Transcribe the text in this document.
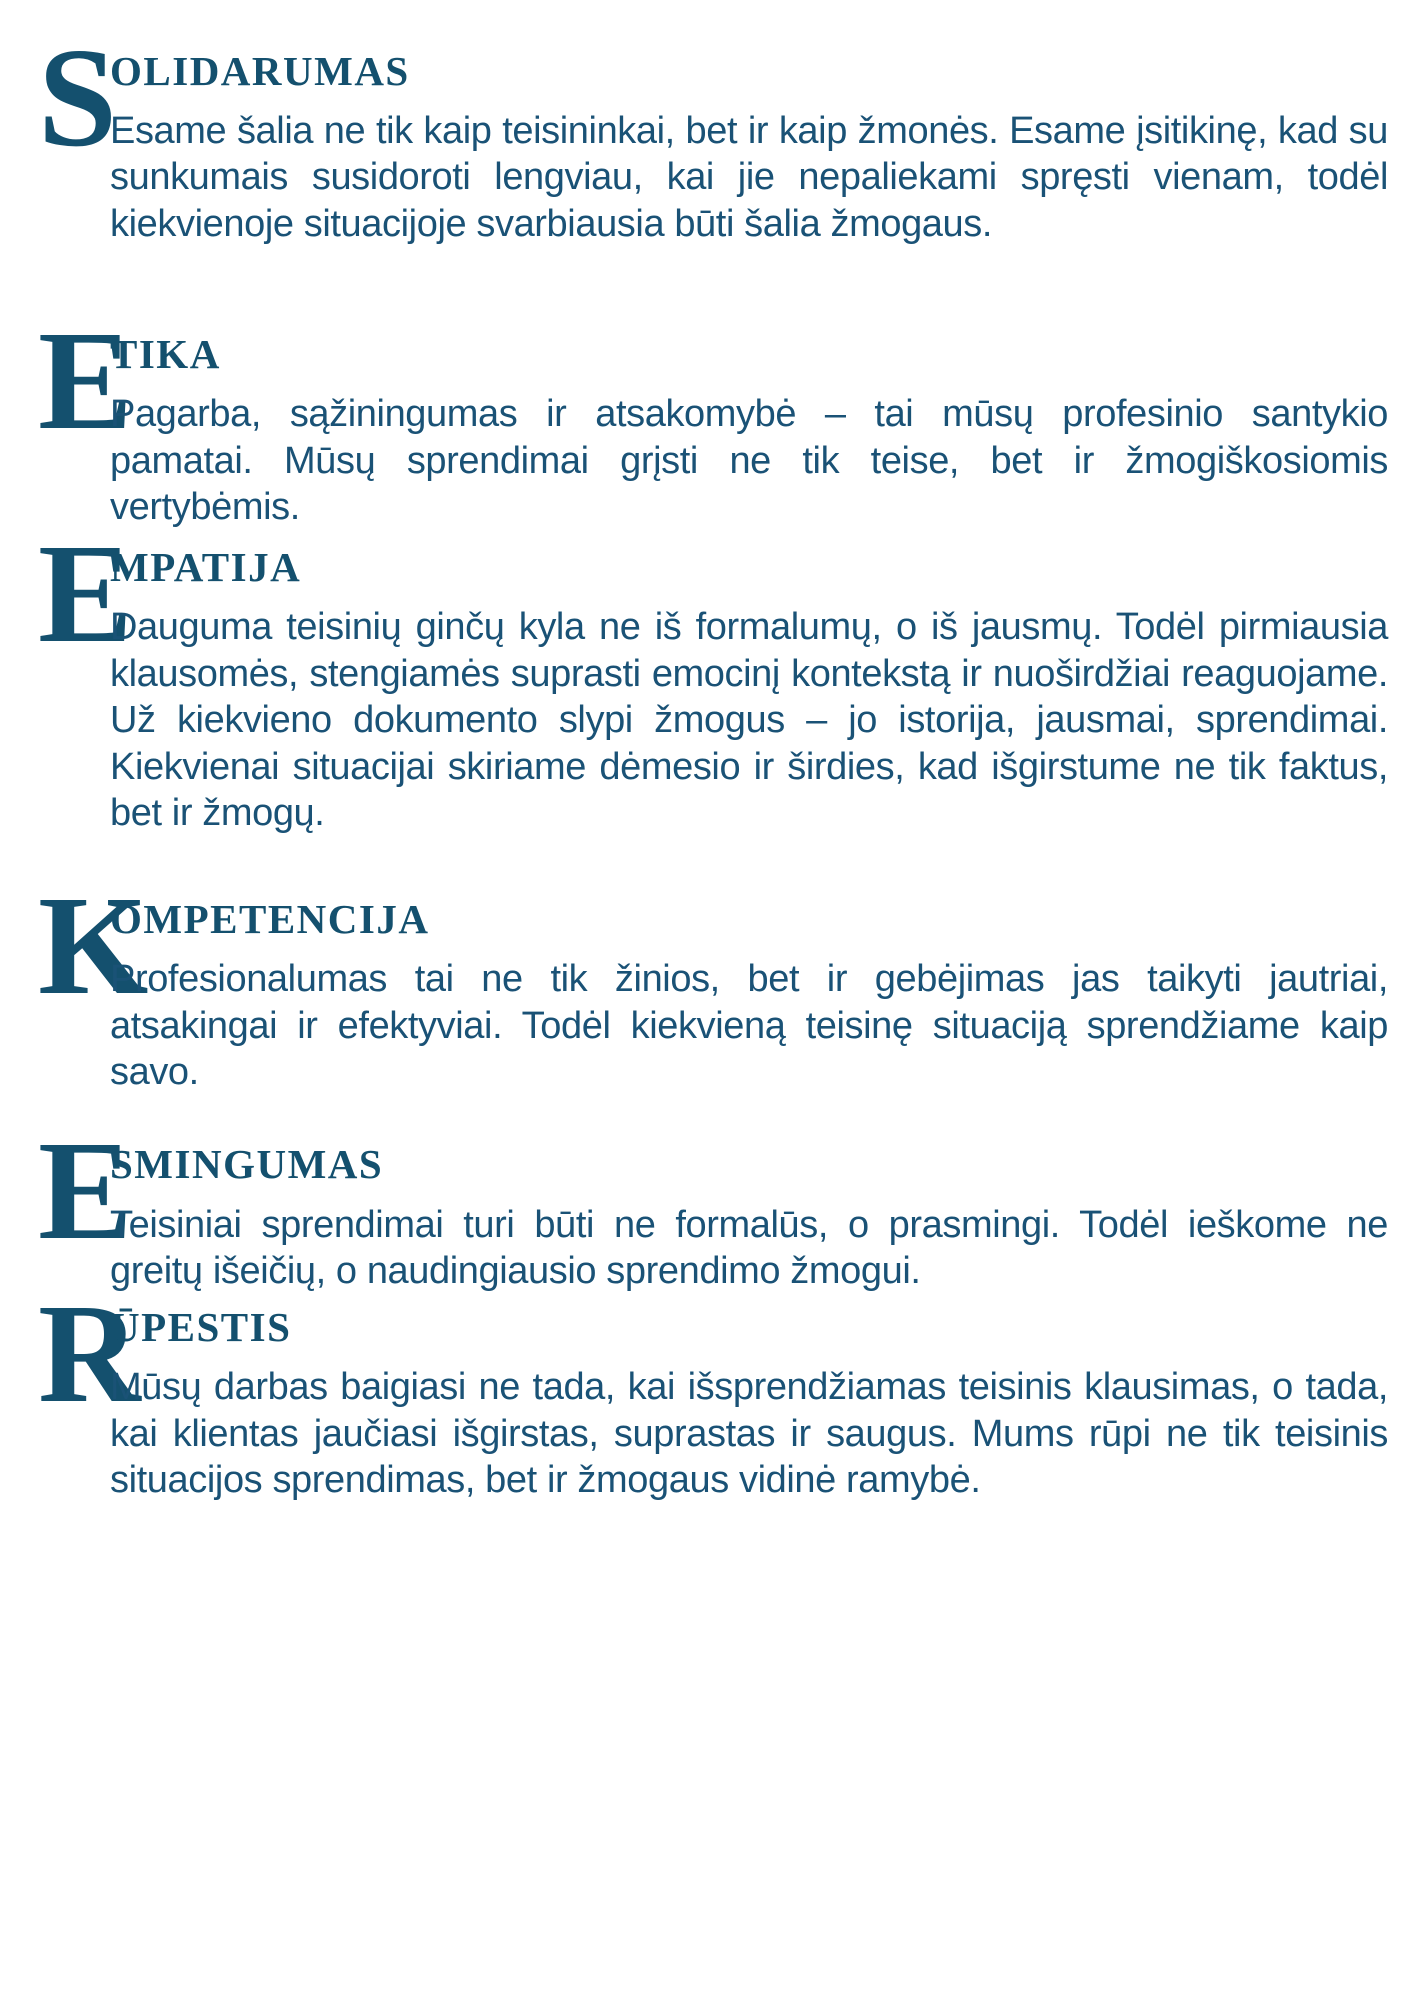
S
OLIDARUMAS

Esame šalia ne tik kaip teisininkai, bet ir kaip žmonės. Esame įsitikinę, kad su sunkumais susidoroti lengviau, kai jie nepaliekami spręsti vienam, todėl kiekvienoje situacijoje svarbiausia būti šalia žmogaus.

E
TIKA

Pagarba, sąžiningumas ir atsakomybė – tai mūsų profesinio santykio pamatai. Mūsų sprendimai grįsti ne tik teise, bet ir žmogiškosiomis vertybėmis.

E
MPATIJA

Dauguma teisinių ginčų kyla ne iš formalumų, o iš jausmų. Todėl pirmiausia klausomės, stengiamės suprasti emocinį kontekstą ir nuoširdžiai reaguojame. Už kiekvieno dokumento slypi žmogus – jo istorija, jausmai, sprendimai. Kiekvienai situacijai skiriame dėmesio ir širdies, kad išgirstume ne tik faktus, bet ir žmogų.

K
OMPETENCIJA

Profesionalumas tai ne tik žinios, bet ir gebėjimas jas taikyti jautriai, atsakingai ir efektyviai. Todėl kiekvieną teisinę situaciją sprendžiame kaip savo.

E
SMINGUMAS

Teisiniai sprendimai turi būti ne formalūs, o prasmingi. Todėl ieškome ne greitų išeičių, o naudingiausio sprendimo žmogui.

R
ŪPESTIS

Mūsų darbas baigiasi ne tada, kai išsprendžiamas teisinis klausimas, o tada, kai klientas jaučiasi išgirstas, suprastas ir saugus. Mums rūpi ne tik teisinis situacijos sprendimas, bet ir žmogaus vidinė ramybė.
